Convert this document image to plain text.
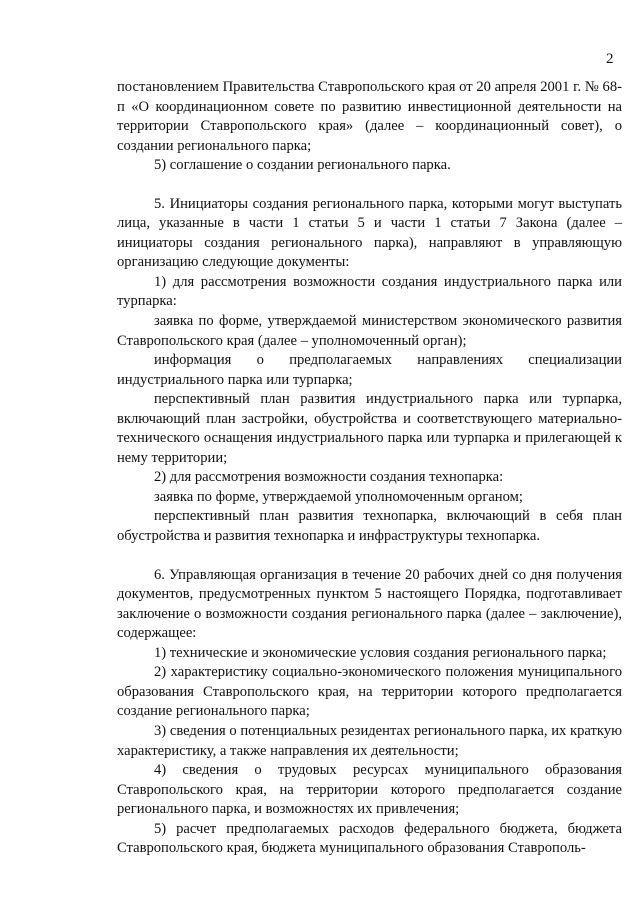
2

постановлением Правительства Ставропольского края от 20 апреля 2001 г. № 68-п «О координационном совете по развитию инвестиционной деятельности на территории Ставропольского края» (далее – координационный совет), о создании регионального парка;

5) соглашение о создании регионального парка.

5. Инициаторы создания регионального парка, которыми могут выступать лица, указанные в части 1 статьи 5 и части 1 статьи 7 Закона (далее – инициаторы создания регионального парка), направляют в управляющую организацию следующие документы:

1) для рассмотрения возможности создания индустриального парка или турпарка:

заявка по форме, утверждаемой министерством экономического развития Ставропольского края (далее – уполномоченный орган);

информация о предполагаемых направлениях специализации индустриального парка или турпарка;

перспективный план развития индустриального парка или турпарка, включающий план застройки, обустройства и соответствующего материально-технического оснащения индустриального парка или турпарка и прилегающей к нему территории;

2) для рассмотрения возможности создания технопарка:

заявка по форме, утверждаемой уполномоченным органом;

перспективный план развития технопарка, включающий в себя план обустройства и развития технопарка и инфраструктуры технопарка.

6. Управляющая организация в течение 20 рабочих дней со дня получения документов, предусмотренных пунктом 5 настоящего Порядка, подготавливает заключение о возможности создания регионального парка (далее – заключение), содержащее:

1) технические и экономические условия создания регионального парка;

2) характеристику социально-экономического положения муниципального образования Ставропольского края, на территории которого предполагается создание регионального парка;

3) сведения о потенциальных резидентах регионального парка, их краткую характеристику, а также направления их деятельности;

4) сведения о трудовых ресурсах муниципального образования Ставропольского края, на территории которого предполагается создание регионального парка, и возможностях их привлечения;

5) расчет предполагаемых расходов федерального бюджета, бюджета Ставропольского края, бюджета муниципального образования Ставрополь-
